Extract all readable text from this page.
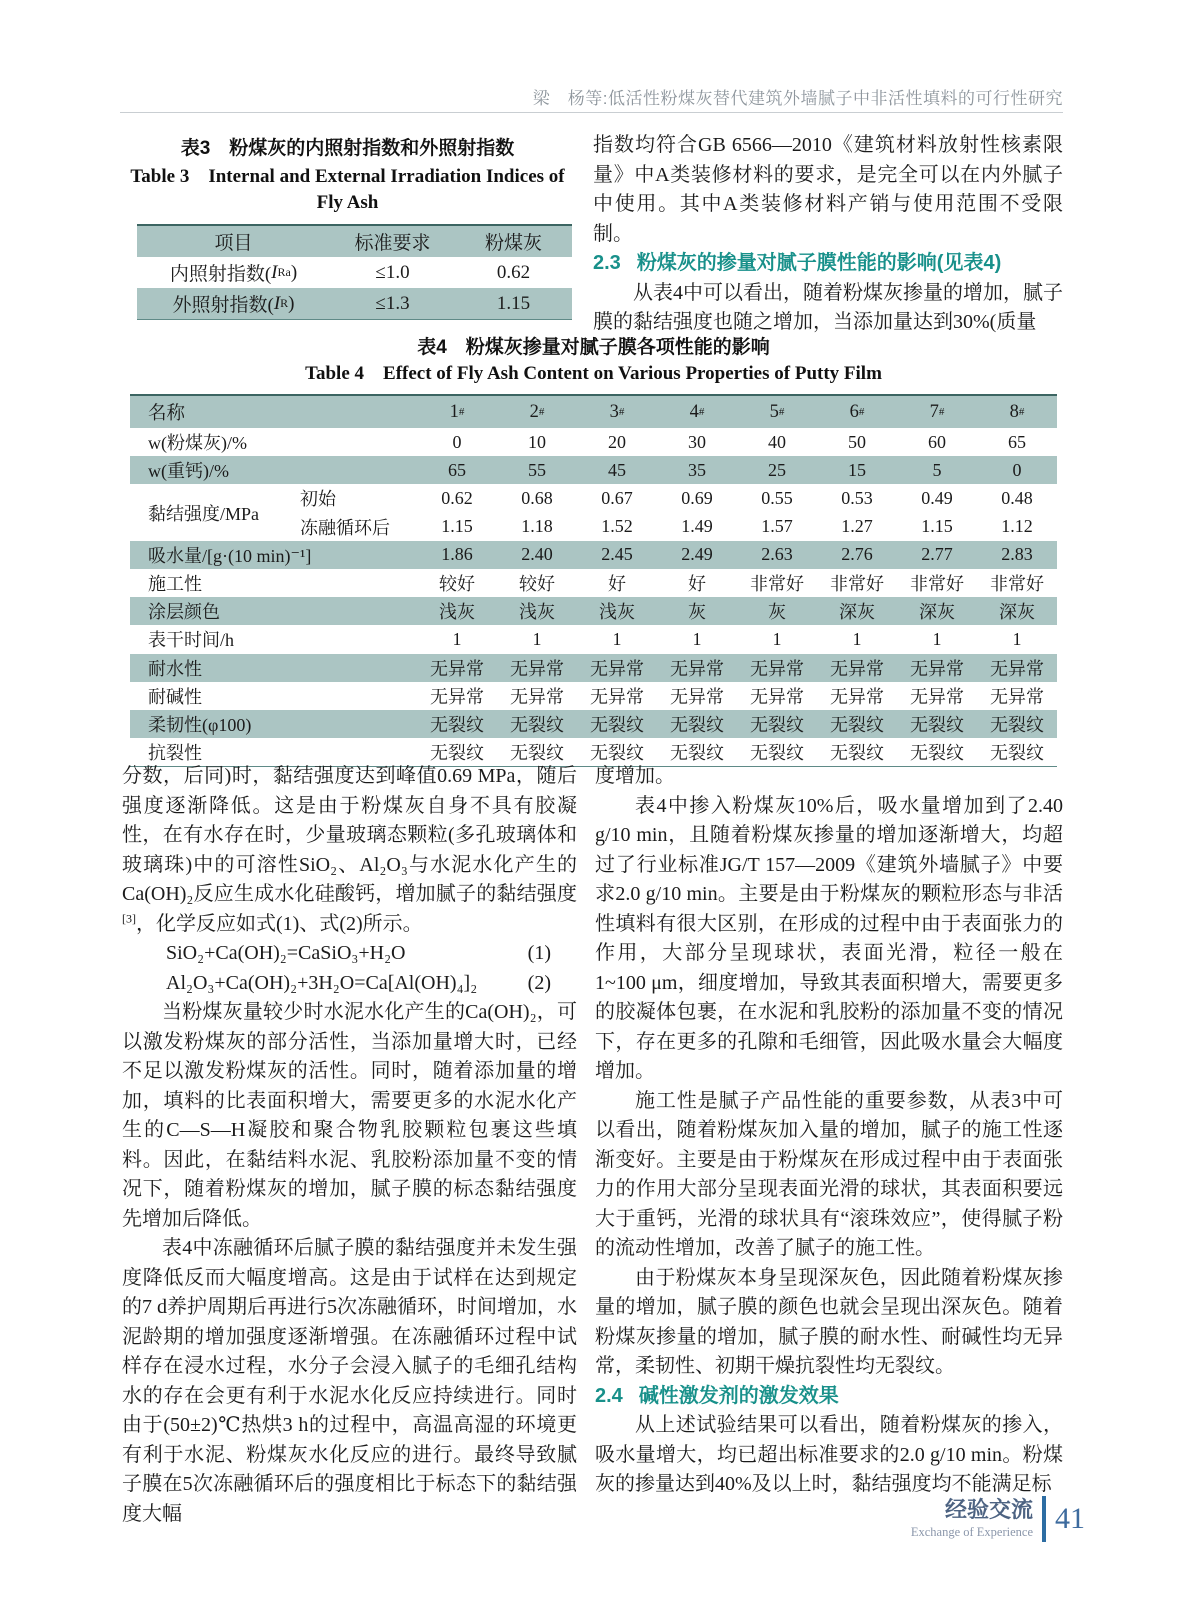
梁　杨等:低活性粉煤灰替代建筑外墙腻子中非活性填料的可行性研究
表3　粉煤灰的内照射指数和外照射指数
Table 3　Internal and External Irradiation Indices of Fly Ash
项目	标准要求	粉煤灰
内照射指数( I Ra )	≤1.0	0.62
外照射指数( I R )	≤1.3	1.15
指数均符合GB 6566—2010《建筑材料放射性核素限量》中A类装修材料的要求，是完全可以在内外腻子中使用。其中A类装修材料产销与使用范围不受限制。
2.3 粉煤灰的掺量对腻子膜性能的影响(见表4)
从表4中可以看出，随着粉煤灰掺量的增加，腻子膜的黏结强度也随之增加，当添加量达到30%(质量
表4　粉煤灰掺量对腻子膜各项性能的影响
Table 4　Effect of Fly Ash Content on Various Properties of Putty Film
名称	1 #	2 #	3 #	4 #	5 #	6 #	7 #	8 #
w(粉煤灰)/%	0	10	20	30	40	50	60	65
w(重钙)/%	65	55	45	35	25	15	5	0
黏结强度/MPa
初始	0.62	0.68	0.67	0.69	0.55	0.53	0.49	0.48
冻融循环后	1.15	1.18	1.52	1.49	1.57	1.27	1.15	1.12
吸水量/[g·(10 min)⁻¹]	1.86	2.40	2.45	2.49	2.63	2.76	2.77	2.83
施工性	较好	较好	好	好	非常好	非常好	非常好	非常好
涂层颜色	浅灰	浅灰	浅灰	灰	灰	深灰	深灰	深灰
表干时间/h	1	1	1	1	1	1	1	1
耐水性	无异常	无异常	无异常	无异常	无异常	无异常	无异常	无异常
耐碱性	无异常	无异常	无异常	无异常	无异常	无异常	无异常	无异常
柔韧性(φ100)	无裂纹	无裂纹	无裂纹	无裂纹	无裂纹	无裂纹	无裂纹	无裂纹
抗裂性	无裂纹	无裂纹	无裂纹	无裂纹	无裂纹	无裂纹	无裂纹	无裂纹
分数，后同)时，黏结强度达到峰值0.69 MPa，随后强度逐渐降低。这是由于粉煤灰自身不具有胶凝性，在有水存在时，少量玻璃态颗粒(多孔玻璃体和玻璃珠)中的可溶性SiO₂、Al₂O₃与水泥水化产生的Ca(OH)₂反应生成水化硅酸钙，增加腻子的黏结强度[3]，化学反应如式(1)、式(2)所示。
SiO₂+Ca(OH)₂=CaSiO₃+H₂O	(1)
Al₂O₃+Ca(OH)₂+3H₂O=Ca[Al(OH)₄]₂	(2)
当粉煤灰量较少时水泥水化产生的Ca(OH)₂，可以激发粉煤灰的部分活性，当添加量增大时，已经不足以激发粉煤灰的活性。同时，随着添加量的增加，填料的比表面积增大，需要更多的水泥水化产生的C—S—H凝胶和聚合物乳胶颗粒包裹这些填料。因此，在黏结料水泥、乳胶粉添加量不变的情况下，随着粉煤灰的增加，腻子膜的标态黏结强度先增加后降低。
表4中冻融循环后腻子膜的黏结强度并未发生强度降低反而大幅度增高。这是由于试样在达到规定的7 d养护周期后再进行5次冻融循环，时间增加，水泥龄期的增加强度逐渐增强。在冻融循环过程中试样存在浸水过程，水分子会浸入腻子的毛细孔结构水的存在会更有利于水泥水化反应持续进行。同时由于(50±2)℃热烘3 h的过程中，高温高湿的环境更有利于水泥、粉煤灰水化反应的进行。最终导致腻子膜在5次冻融循环后的强度相比于标态下的黏结强度大幅
度增加。
表4中掺入粉煤灰10%后，吸水量增加到了2.40 g/10 min，且随着粉煤灰掺量的增加逐渐增大，均超过了行业标准JG/T 157—2009《建筑外墙腻子》中要求2.0 g/10 min。主要是由于粉煤灰的颗粒形态与非活性填料有很大区别，在形成的过程中由于表面张力的作用，大部分呈现球状，表面光滑，粒径一般在1~100 μm，细度增加，导致其表面积增大，需要更多的胶凝体包裹，在水泥和乳胶粉的添加量不变的情况下，存在更多的孔隙和毛细管，因此吸水量会大幅度增加。
施工性是腻子产品性能的重要参数，从表3中可以看出，随着粉煤灰加入量的增加，腻子的施工性逐渐变好。主要是由于粉煤灰在形成过程中由于表面张力的作用大部分呈现表面光滑的球状，其表面积要远大于重钙，光滑的球状具有“滚珠效应”，使得腻子粉的流动性增加，改善了腻子的施工性。
由于粉煤灰本身呈现深灰色，因此随着粉煤灰掺量的增加，腻子膜的颜色也就会呈现出深灰色。随着粉煤灰掺量的增加，腻子膜的耐水性、耐碱性均无异常，柔韧性、初期干燥抗裂性均无裂纹。
2.4 碱性激发剂的激发效果
从上述试验结果可以看出，随着粉煤灰的掺入，吸水量增大，均已超出标准要求的2.0 g/10 min。粉煤灰的掺量达到40%及以上时，黏结强度均不能满足标
经验交流
Exchange of Experience 41
